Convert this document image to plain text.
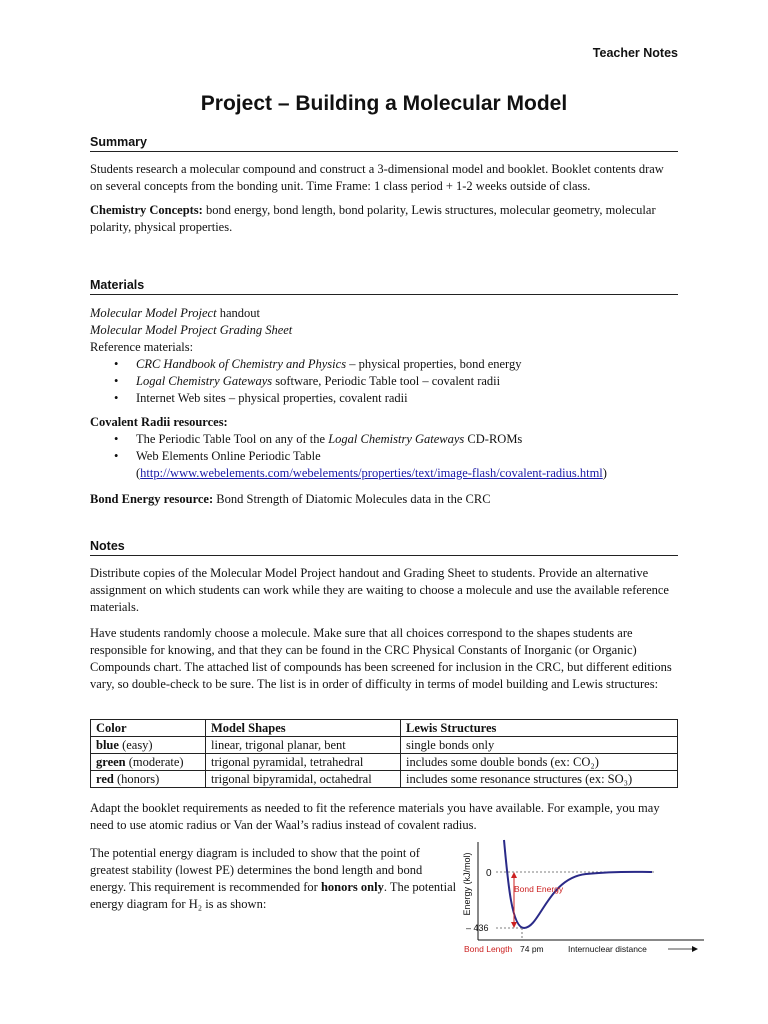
Teacher Notes
Project – Building a Molecular Model
Summary

Students research a molecular compound and construct a 3-dimensional model and booklet. Booklet contents draw on several concepts from the bonding unit. Time Frame: 1 class period + 1-2 weeks outside of class.

Chemistry Concepts: bond energy, bond length, bond polarity, Lewis structures, molecular geometry, molecular polarity, physical properties.

Materials

Molecular Model Project handout

Molecular Model Project Grading Sheet

Reference materials:

• CRC Handbook of Chemistry and Physics – physical properties, bond energy
• Logal Chemistry Gateways software, Periodic Table tool – covalent radii
• Internet Web sites – physical properties, covalent radii

Covalent Radii resources:

• The Periodic Table Tool on any of the Logal Chemistry Gateways CD-ROMs
• Web Elements Online Periodic Table
(http://www.webelements.com/webelements/properties/text/image-flash/covalent-radius.html)

Bond Energy resource: Bond Strength of Diatomic Molecules data in the CRC

Notes

Distribute copies of the Molecular Model Project handout and Grading Sheet to students. Provide an alternative assignment on which students can work while they are waiting to choose a molecule and use the available reference materials.

Have students randomly choose a molecule. Make sure that all choices correspond to the shapes students are responsible for knowing, and that they can be found in the CRC Physical Constants of Inorganic (or Organic) Compounds chart. The attached list of compounds has been screened for inclusion in the CRC, but different editions vary, so double-check to be sure. The list is in order of difficulty in terms of model building and Lewis structures:

Color	Model Shapes	Lewis Structures
blue (easy)	linear, trigonal planar, bent	single bonds only
green (moderate)	trigonal pyramidal, tetrahedral	includes some double bonds (ex: CO₂)
red (honors)	trigonal bipyramidal, octahedral	includes some resonance structures (ex: SO₃)

Adapt the booklet requirements as needed to fit the reference materials you have available. For example, you may need to use atomic radius or Van der Waal’s radius instead of covalent radius.

The potential energy diagram is included to show that the point of greatest stability (lowest PE) determines the bond length and bond energy. This requirement is recommended for honors only. The potential energy diagram for H₂ is as shown:	Energy (kJ/mol) 0
– 436
Bond Energy
Bond Length 74 pm	Internuclear distance
